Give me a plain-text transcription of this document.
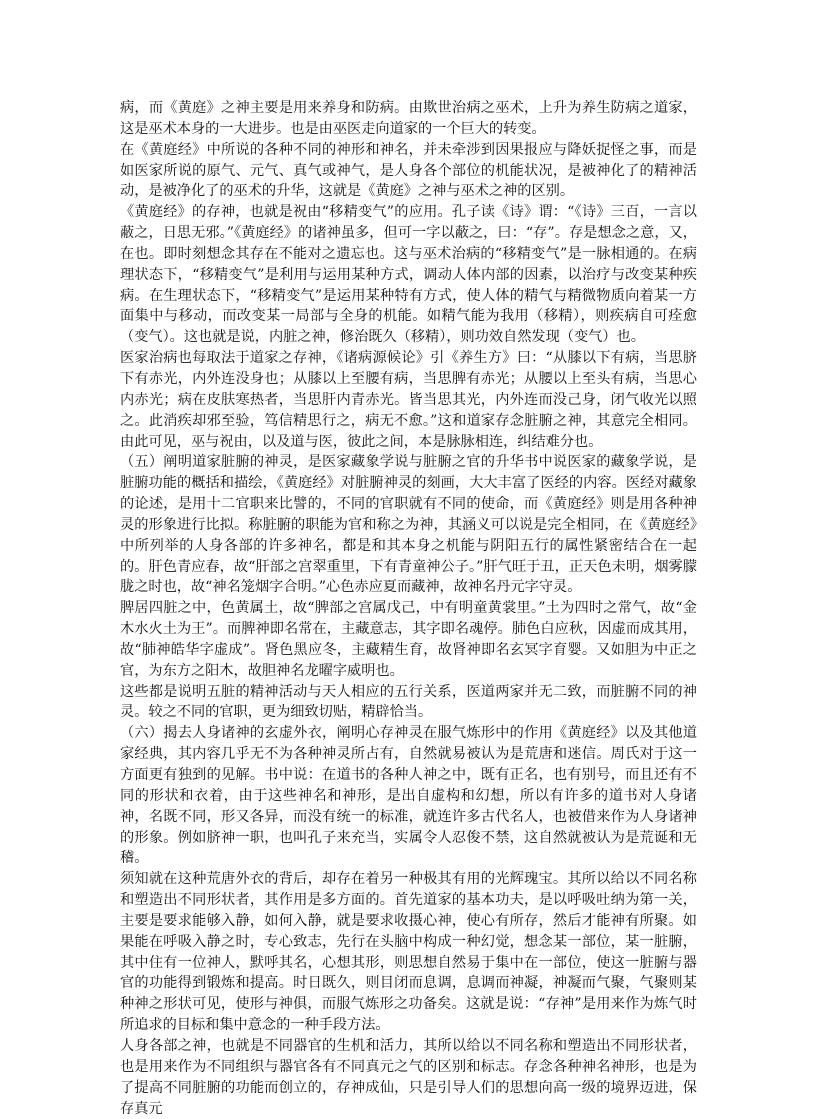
病，而《黄庭》之神主要是用来养身和防病。由欺世治病之巫术，上升为养生防病之道家，这是巫术本身的一大进步。也是由巫医走向道家的一个巨大的转变。

在《黄庭经》中所说的各种不同的神形和神名，并未牵涉到因果报应与降妖捉怪之事，而是如医家所说的原气、元气、真气或神气，是人身各个部位的机能状况，是被神化了的精神活动，是被净化了的巫术的升华，这就是《黄庭》之神与巫术之神的区别。

《黄庭经》的存神，也就是祝由“移精变气”的应用。孔子读《诗》谓：“《诗》三百，一言以蔽之，日思无邪。”《黄庭经》的诸神虽多，但可一字以蔽之，曰：“存”。存是想念之意，又，在也。即时刻想念其存在不能对之遗忘也。这与巫术治病的“移精变气”是一脉相通的。在病理状态下，“移精变气”是利用与运用某种方式，调动人体内部的因素，以治疗与改变某种疾病。在生理状态下，“移精变气”是运用某种特有方式，使人体的精气与精微物质向着某一方面集中与移动，而改变某一局部与全身的机能。如精气能为我用（移精），则疾病自可痊愈（变气）。这也就是说，内脏之神，修治既久（移精），则功效自然发现（变气）也。

医家治病也每取法于道家之存神，《诸病源候论》引《养生方》曰：“从膝以下有病，当思脐下有赤光，内外连没身也；从膝以上至腰有病，当思脾有赤光；从腰以上至头有病，当思心内赤光；病在皮肤寒热者，当思肝内青赤光。皆当思其光，内外连而没己身，闭气收光以照之。此消疾却邪至验，笃信精思行之，病无不愈。”这和道家存念脏腑之神，其意完全相同。由此可见，巫与祝由，以及道与医，彼此之间，本是脉脉相连，纠结难分也。

（五）阐明道家脏腑的神灵，是医家藏象学说与脏腑之官的升华书中说医家的藏象学说，是脏腑功能的概括和描绘，《黄庭经》对脏腑神灵的刻画，大大丰富了医经的内容。医经对藏象的论述，是用十二官职来比譬的，不同的官职就有不同的使命，而《黄庭经》则是用各种神灵的形象进行比拟。称脏腑的职能为官和称之为神，其涵义可以说是完全相同，在《黄庭经》中所列举的人身各部的许多神名，都是和其本身之机能与阴阳五行的属性紧密结合在一起的。肝色青应春，故“肝部之宫翠重里，下有青童神公子。”肝气旺于丑，正天色未明，烟雾朦胧之时也，故“神名笼烟字合明。”心色赤应夏而藏神，故神名丹元字守灵。

脾居四脏之中，色黄属土，故“脾部之宫属戊己，中有明童黄裳里。”土为四时之常气，故“金木水火土为王”。而脾神即名常在，主藏意志，其字即名魂停。肺色白应秋，因虚而成其用，故“肺神皓华字虚成”。肾色黑应冬，主藏精生育，故肾神即名玄冥字育婴。又如胆为中正之官，为东方之阳木，故胆神名龙曜字威明也。

这些都是说明五脏的精神活动与天人相应的五行关系，医道两家并无二致，而脏腑不同的神灵。较之不同的官职，更为细致切贴，精辟恰当。

（六）揭去人身诸神的玄虚外衣，阐明心存神灵在服气炼形中的作用《黄庭经》以及其他道家经典，其内容几乎无不为各种神灵所占有，自然就易被认为是荒唐和迷信。周氏对于这一方面更有独到的见解。书中说：在道书的各种人神之中，既有正名，也有别号，而且还有不同的形状和衣着，由于这些神名和神形，是出自虚构和幻想，所以有许多的道书对人身诸神，名既不同，形又各异，而没有统一的标准，就连许多古代名人，也被借来作为人身诸神的形象。例如脐神一职，也叫孔子来充当，实属令人忍俊不禁，这自然就被认为是荒诞和无稽。

须知就在这种荒唐外衣的背后，却存在着另一种极其有用的光辉瑰宝。其所以给以不同名称和塑造出不同形状者，其作用是多方面的。首先道家的基本功夫，是以呼吸吐纳为第一关，主要是要求能够入静，如何入静，就是要求收摄心神，使心有所存，然后才能神有所聚。如果能在呼吸入静之时，专心致志，先行在头脑中构成一种幻觉，想念某一部位，某一脏腑，其中住有一位神人，默呼其名，心想其形，则思想自然易于集中在一部位，使这一脏腑与器官的功能得到锻炼和提高。时日既久，则目闭而息调，息调而神凝，神凝而气聚，气聚则某种神之形状可见，使形与神俱，而服气炼形之功备矣。这就是说：“存神”是用来作为炼气时所追求的目标和集中意念的一种手段方法。

人身各部之神，也就是不同器官的生机和活力，其所以给以不同名称和塑造出不同形状者，也是用来作为不同组织与器官各有不同真元之气的区别和标志。存念各种神名神形，也是为了提高不同脏腑的功能而创立的，存神成仙，只是引导人们的思想向高一级的境界迈进，保存真元
